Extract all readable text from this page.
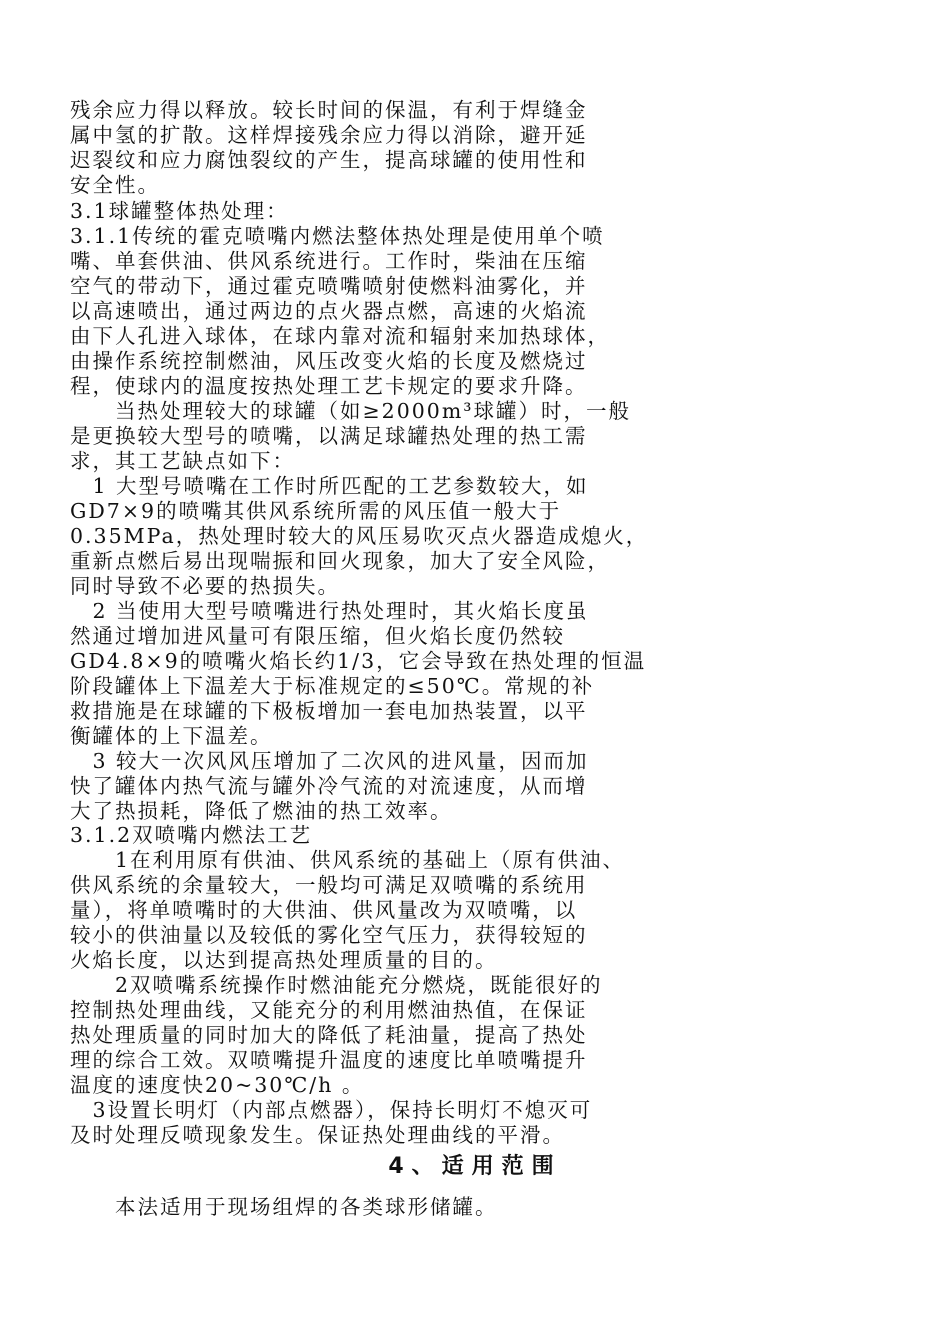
残余应力得以释放。较长时间的保温，有利于焊缝金
属中氢的扩散。这样焊接残余应力得以消除，避开延
迟裂纹和应力腐蚀裂纹的产生，提高球罐的使用性和
安全性。
3.1球罐整体热处理：
3.1.1传统的霍克喷嘴内燃法整体热处理是使用单个喷
嘴、单套供油、供风系统进行。工作时，柴油在压缩
空气的带动下，通过霍克喷嘴喷射使燃料油雾化，并
以高速喷出，通过两边的点火器点燃，高速的火焰流
由下人孔进入球体，在球内靠对流和辐射来加热球体，
由操作系统控制燃油，风压改变火焰的长度及燃烧过
程，使球内的温度按热处理工艺卡规定的要求升降。
　　当热处理较大的球罐（如≥2000m³球罐）时，一般
是更换较大型号的喷嘴，以满足球罐热处理的热工需
求，其工艺缺点如下：
　1 大型号喷嘴在工作时所匹配的工艺参数较大，如
GD7×9的喷嘴其供风系统所需的风压值一般大于
0.35MPa，热处理时较大的风压易吹灭点火器造成熄火，
重新点燃后易出现喘振和回火现象，加大了安全风险，
同时导致不必要的热损失。
　2 当使用大型号喷嘴进行热处理时，其火焰长度虽
然通过增加进风量可有限压缩，但火焰长度仍然较
GD4.8×9的喷嘴火焰长约1/3，它会导致在热处理的恒温
阶段罐体上下温差大于标准规定的≤50℃。常规的补
救措施是在球罐的下极板增加一套电加热装置，以平
衡罐体的上下温差。
　3 较大一次风风压增加了二次风的进风量，因而加
快了罐体内热气流与罐外冷气流的对流速度，从而增
大了热损耗，降低了燃油的热工效率。
3.1.2双喷嘴内燃法工艺
　　1在利用原有供油、供风系统的基础上（原有供油、
供风系统的余量较大，一般均可满足双喷嘴的系统用
量），将单喷嘴时的大供油、供风量改为双喷嘴，以
较小的供油量以及较低的雾化空气压力，获得较短的
火焰长度，以达到提高热处理质量的目的。
　　2双喷嘴系统操作时燃油能充分燃烧，既能很好的
控制热处理曲线，又能充分的利用燃油热值，在保证
热处理质量的同时加大的降低了耗油量，提高了热处
理的综合工效。双喷嘴提升温度的速度比单喷嘴提升
温度的速度快20~30℃/h 。
　3设置长明灯（内部点燃器），保持长明灯不熄灭可
及时处理反喷现象发生。保证热处理曲线的平滑。
4、适用范围
　　本法适用于现场组焊的各类球形储罐。
